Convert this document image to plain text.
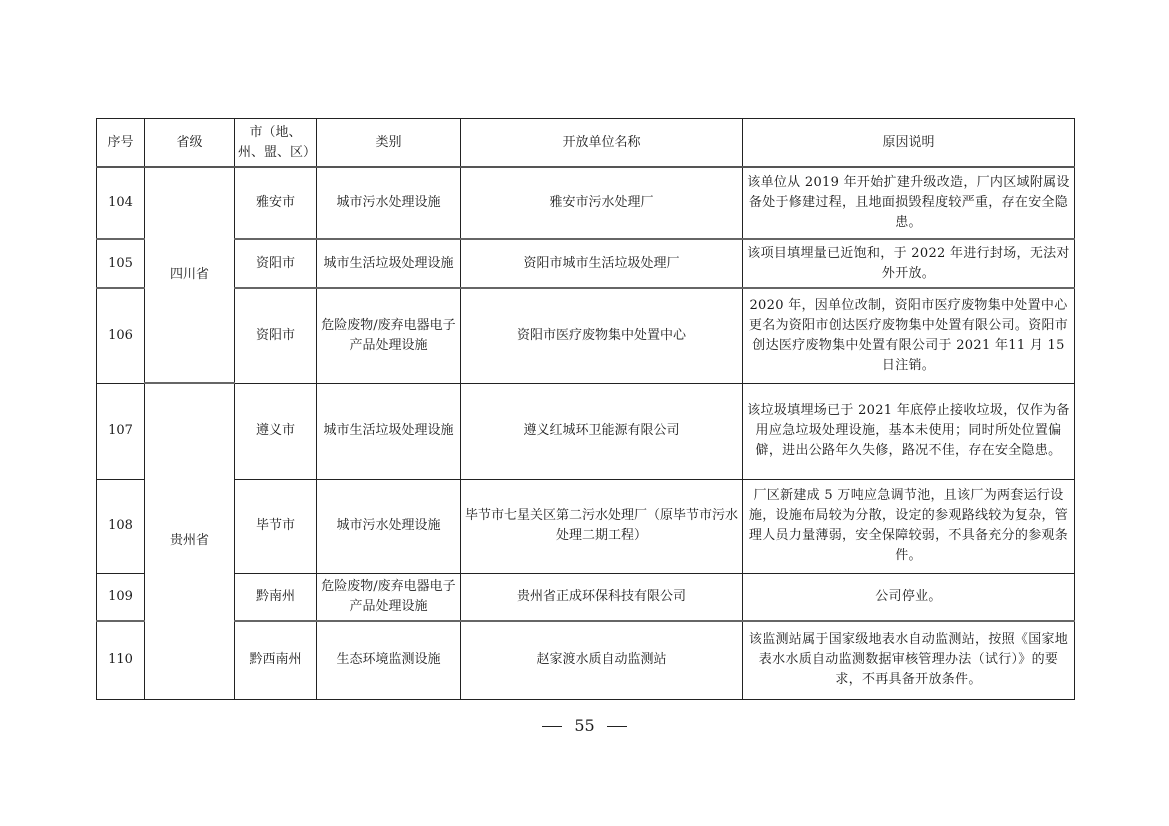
序号	省级	市（地、州、盟、区）	类别	开放单位名称	原因说明
104	四川省	雅安市	城市污水处理设施	雅安市污水处理厂	该单位从 2019 年开始扩建升级改造，厂内区域附属设备处于修建过程，且地面损毁程度较严重，存在安全隐患。
105		资阳市	城市生活垃圾处理设施	资阳市城市生活垃圾处理厂	该项目填埋量已近饱和，于 2022 年进行封场，无法对外开放。
106		资阳市	危险废物/废弃电器电子产品处理设施	资阳市医疗废物集中处置中心	2020 年，因单位改制，资阳市医疗废物集中处置中心更名为资阳市创达医疗废物集中处置有限公司。资阳市创达医疗废物集中处置有限公司于 2021 年11 月 15 日注销。
107	贵州省	遵义市	城市生活垃圾处理设施	遵义红城环卫能源有限公司	该垃圾填埋场已于 2021 年底停止接收垃圾，仅作为备用应急垃圾处理设施，基本未使用；同时所处位置偏僻，进出公路年久失修，路况不佳，存在安全隐患。
108		毕节市	城市污水处理设施	毕节市七星关区第二污水处理厂（原毕节市污水处理二期工程）	厂区新建成 5 万吨应急调节池，且该厂为两套运行设施，设施布局较为分散，设定的参观路线较为复杂，管理人员力量薄弱，安全保障较弱，不具备充分的参观条件。
109		黔南州	危险废物/废弃电器电子产品处理设施	贵州省正成环保科技有限公司	公司停业。
110		黔西南州	生态环境监测设施	赵家渡水质自动监测站	该监测站属于国家级地表水自动监测站，按照《国家地表水水质自动监测数据审核管理办法（试行）》的要求，不再具备开放条件。
55
